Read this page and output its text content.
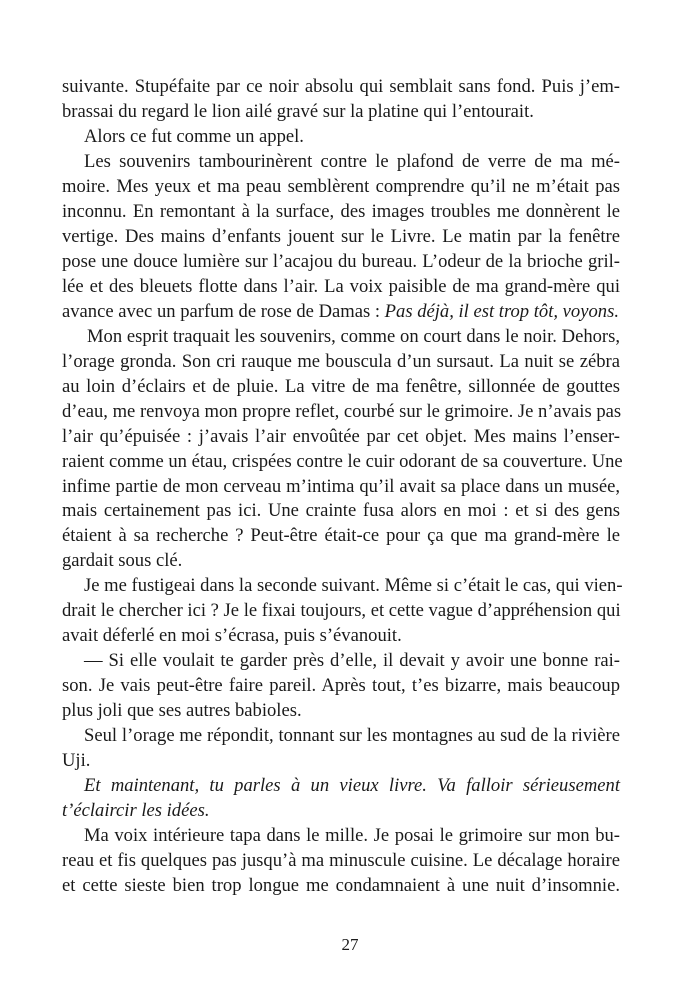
suivante. Stupéfaite par ce noir absolu qui semblait sans fond. Puis j’em-
brassai du regard le lion ailé gravé sur la platine qui l’entourait.
Alors ce fut comme un appel.
Les souvenirs tambourinèrent contre le plafond de verre de ma mé-
moire. Mes yeux et ma peau semblèrent comprendre qu’il ne m’était pas
inconnu. En remontant à la surface, des images troubles me donnèrent le
vertige. Des mains d’enfants jouent sur le Livre. Le matin par la fenêtre
pose une douce lumière sur l’acajou du bureau. L’odeur de la brioche gril-
lée et des bleuets flotte dans l’air. La voix paisible de ma grand-mère qui
avance avec un parfum de rose de Damas : Pas déjà, il est trop tôt, voyons.
Mon esprit traquait les souvenirs, comme on court dans le noir. Dehors,
l’orage gronda. Son cri rauque me bouscula d’un sursaut. La nuit se zébra
au loin d’éclairs et de pluie. La vitre de ma fenêtre, sillonnée de gouttes
d’eau, me renvoya mon propre reflet, courbé sur le grimoire. Je n’avais pas
l’air qu’épuisée : j’avais l’air envoûtée par cet objet. Mes mains l’enser-
raient comme un étau, crispées contre le cuir odorant de sa couverture. Une
infime partie de mon cerveau m’intima qu’il avait sa place dans un musée,
mais certainement pas ici. Une crainte fusa alors en moi : et si des gens
étaient à sa recherche ? Peut-être était-ce pour ça que ma grand-mère le
gardait sous clé.
Je me fustigeai dans la seconde suivant. Même si c’était le cas, qui vien-
drait le chercher ici ? Je le fixai toujours, et cette vague d’appréhension qui
avait déferlé en moi s’écrasa, puis s’évanouit.
— Si elle voulait te garder près d’elle, il devait y avoir une bonne rai-
son. Je vais peut-être faire pareil. Après tout, t’es bizarre, mais beaucoup
plus joli que ses autres babioles.
Seul l’orage me répondit, tonnant sur les montagnes au sud de la rivière
Uji.
Et maintenant, tu parles à un vieux livre. Va falloir sérieusement
t’éclaircir les idées.
Ma voix intérieure tapa dans le mille. Je posai le grimoire sur mon bu-
reau et fis quelques pas jusqu’à ma minuscule cuisine. Le décalage horaire
et cette sieste bien trop longue me condamnaient à une nuit d’insomnie.
27
